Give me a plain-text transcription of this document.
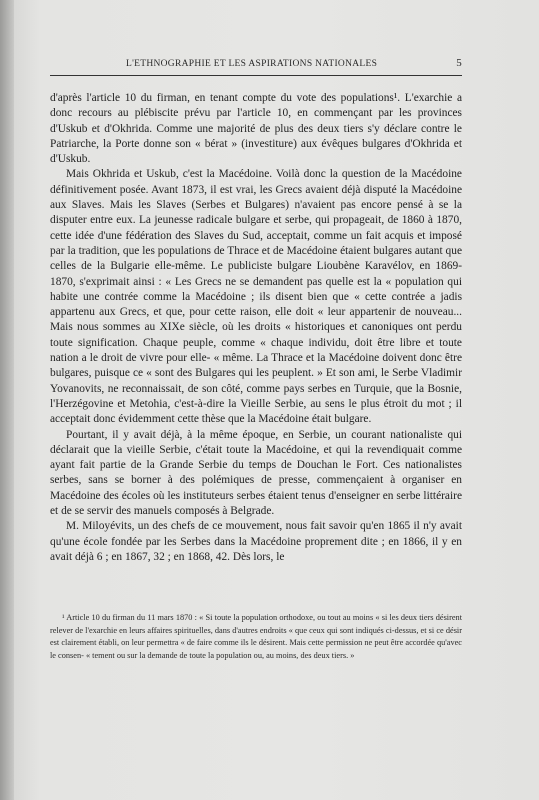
L'ETHNOGRAPHIE ET LES ASPIRATIONS NATIONALES	5

d'après l'article 10 du firman, en tenant compte du vote des populations¹. L'exarchie a donc recours au plébiscite prévu par l'article 10, en commençant par les provinces d'Uskub et d'Okhrida. Comme une majorité de plus des deux tiers s'y déclare contre le Patriarche, la Porte donne son « bérat » (investiture) aux évêques bulgares d'Okhrida et d'Uskub.

Mais Okhrida et Uskub, c'est la Macédoine. Voilà donc la question de la Macédoine définitivement posée. Avant 1873, il est vrai, les Grecs avaient déjà disputé la Macédoine aux Slaves. Mais les Slaves (Serbes et Bulgares) n'avaient pas encore pensé à se la disputer entre eux. La jeunesse radicale bulgare et serbe, qui propageait, de 1860 à 1870, cette idée d'une fédération des Slaves du Sud, acceptait, comme un fait acquis et imposé par la tradition, que les populations de Thrace et de Macédoine étaient bulgares autant que celles de la Bulgarie elle-même. Le publiciste bulgare Lioubène Karavélov, en 1869-1870, s'exprimait ainsi : « Les Grecs ne se demandent pas quelle est la « population qui habite une contrée comme la Macédoine ; ils disent bien que « cette contrée a jadis appartenu aux Grecs, et que, pour cette raison, elle doit « leur appartenir de nouveau... Mais nous sommes au XIXe siècle, où les droits « historiques et canoniques ont perdu toute signification. Chaque peuple, comme « chaque individu, doit être libre et toute nation a le droit de vivre pour elle- « même. La Thrace et la Macédoine doivent donc être bulgares, puisque ce « sont des Bulgares qui les peuplent. » Et son ami, le Serbe Vladimir Yovanovits, ne reconnaissait, de son côté, comme pays serbes en Turquie, que la Bosnie, l'Herzégovine et Metohia, c'est-à-dire la Vieille Serbie, au sens le plus étroit du mot ; il acceptait donc évidemment cette thèse que la Macédoine était bulgare.

Pourtant, il y avait déjà, à la même époque, en Serbie, un courant nationaliste qui déclarait que la vieille Serbie, c'était toute la Macédoine, et qui la revendiquait comme ayant fait partie de la Grande Serbie du temps de Douchan le Fort. Ces nationalistes serbes, sans se borner à des polémiques de presse, commençaient à organiser en Macédoine des écoles où les instituteurs serbes étaient tenus d'enseigner en serbe littéraire et de se servir des manuels composés à Belgrade.

M. Miloyévits, un des chefs de ce mouvement, nous fait savoir qu'en 1865 il n'y avait qu'une école fondée par les Serbes dans la Macédoine proprement dite ; en 1866, il y en avait déjà 6 ; en 1867, 32 ; en 1868, 42. Dès lors, le

¹ Article 10 du firman du 11 mars 1870 : « Si toute la population orthodoxe, ou tout au moins « si les deux tiers désirent relever de l'exarchie en leurs affaires spirituelles, dans d'autres endroits « que ceux qui sont indiqués ci-dessus, et si ce désir est clairement établi, on leur permettra « de faire comme ils le désirent. Mais cette permission ne peut être accordée qu'avec le consen- « tement ou sur la demande de toute la population ou, au moins, des deux tiers. »
